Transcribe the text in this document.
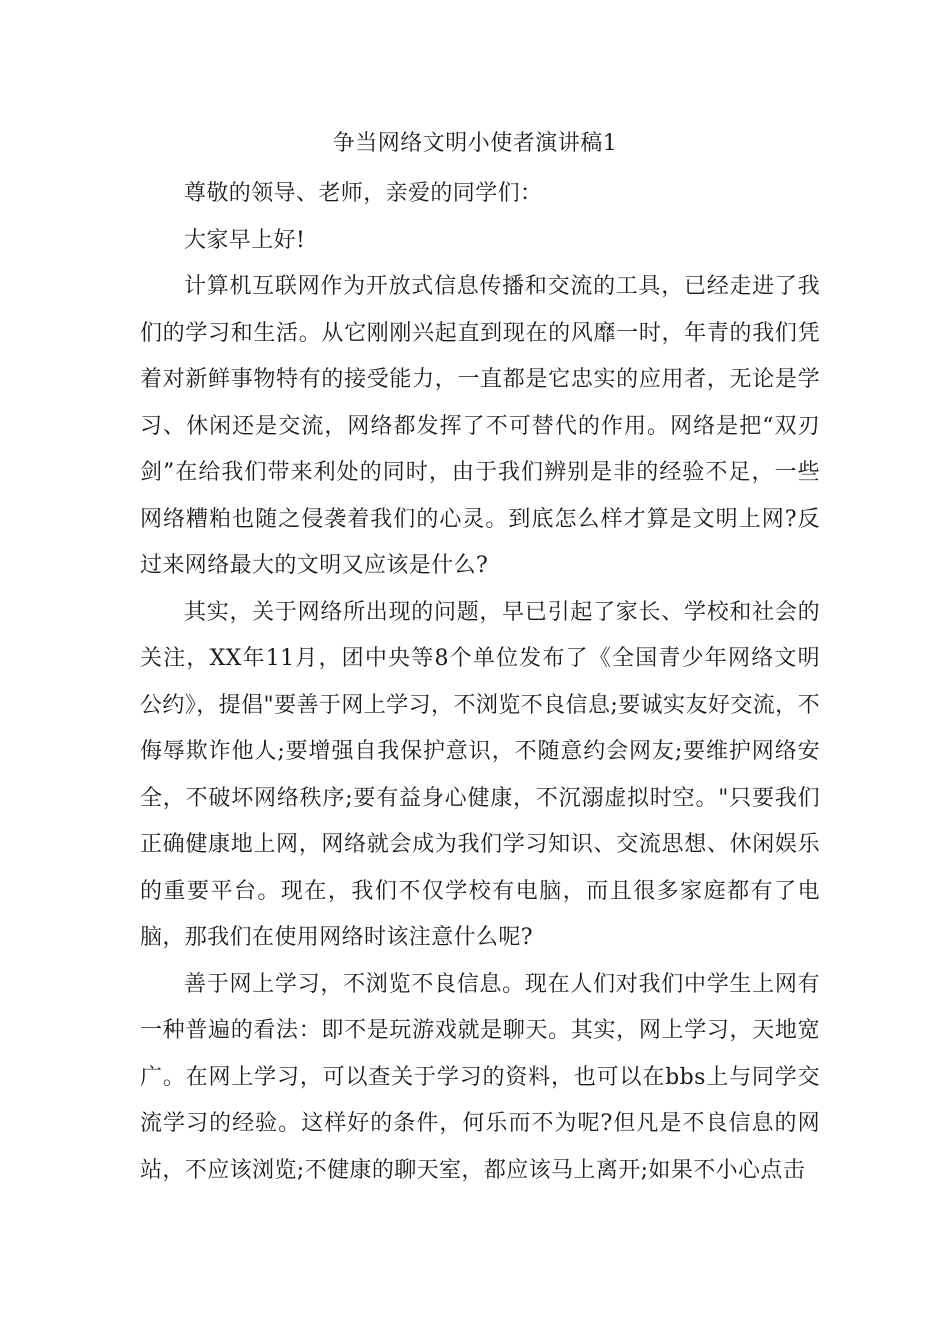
争当网络文明小使者演讲稿1

尊敬的领导、老师，亲爱的同学们：

大家早上好!

计算机互联网作为开放式信息传播和交流的工具，已经走进了我们的学习和生活。从它刚刚兴起直到现在的风靡一时，年青的我们凭着对新鲜事物特有的接受能力，一直都是它忠实的应用者，无论是学习、休闲还是交流，网络都发挥了不可替代的作用。网络是把“双刃剑”在给我们带来利处的同时，由于我们辨别是非的经验不足，一些网络糟粕也随之侵袭着我们的心灵。到底怎么样才算是文明上网?反过来网络最大的文明又应该是什么?

其实，关于网络所出现的问题，早已引起了家长、学校和社会的关注，XX年11月，团中央等8个单位发布了《全国青少年网络文明公约》，提倡"要善于网上学习，不浏览不良信息;要诚实友好交流，不侮辱欺诈他人;要增强自我保护意识，不随意约会网友;要维护网络安全，不破坏网络秩序;要有益身心健康，不沉溺虚拟时空。"只要我们正确健康地上网，网络就会成为我们学习知识、交流思想、休闲娱乐的重要平台。现在，我们不仅学校有电脑，而且很多家庭都有了电脑，那我们在使用网络时该注意什么呢?

善于网上学习，不浏览不良信息。现在人们对我们中学生上网有一种普遍的看法：即不是玩游戏就是聊天。其实，网上学习，天地宽广。在网上学习，可以查关于学习的资料，也可以在bbs上与同学交流学习的经验。这样好的条件，何乐而不为呢?但凡是不良信息的网站，不应该浏览;不健康的聊天室，都应该马上离开;如果不小心点击
